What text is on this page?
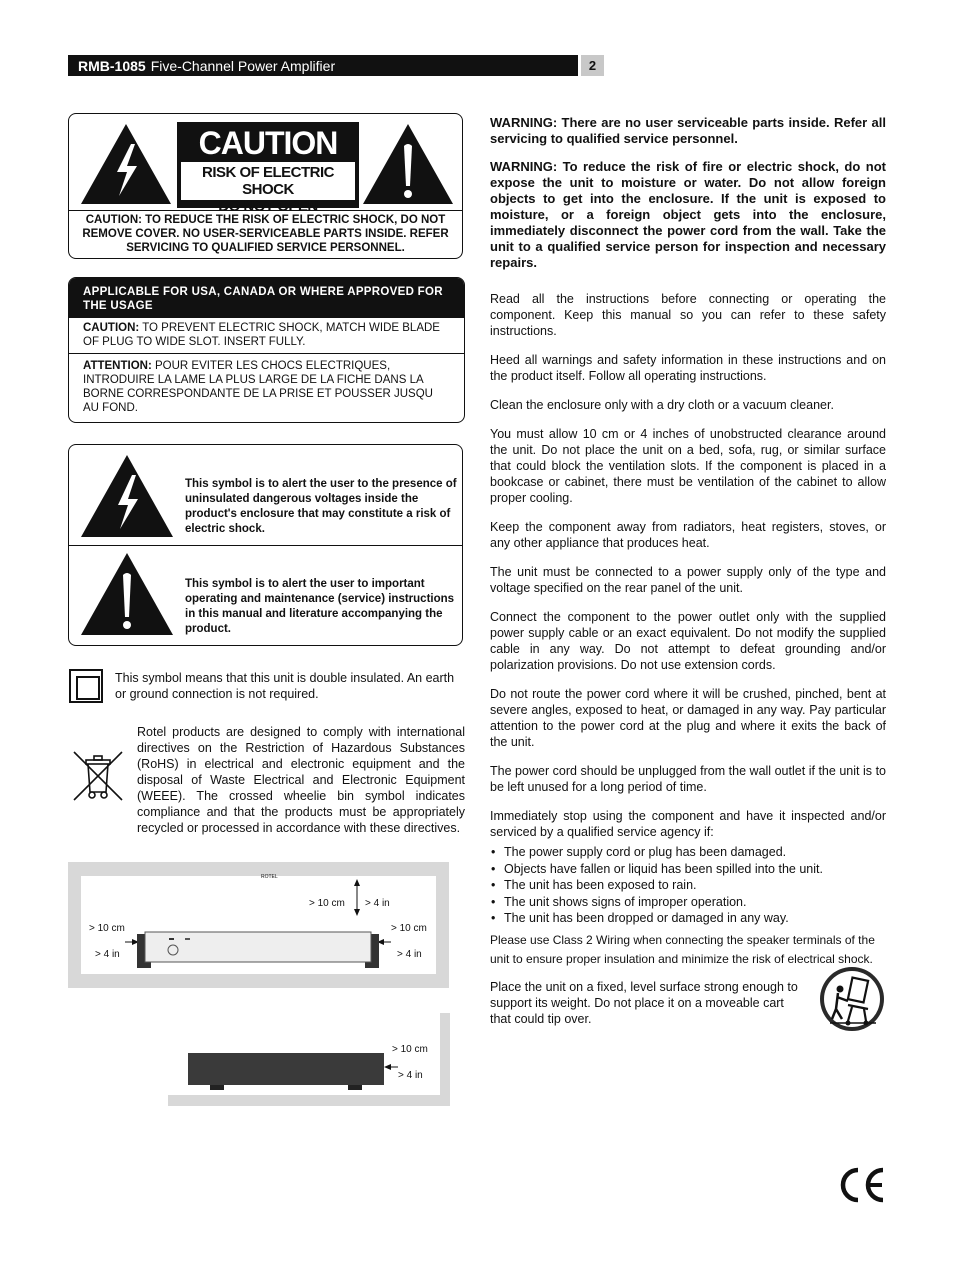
RMB-1085 Five-Channel Power Amplifier	2
CAUTION
RISK OF ELECTRIC SHOCK
DO NOT OPEN
CAUTION: TO REDUCE THE RISK OF ELECTRIC SHOCK, DO NOT REMOVE COVER. NO USER-SERVICEABLE PARTS INSIDE. REFER SERVICING TO QUALIFIED SERVICE PERSONNEL.
APPLICABLE FOR USA, CANADA OR WHERE APPROVED FOR THE USAGE
CAUTION: TO PREVENT ELECTRIC SHOCK, MATCH WIDE BLADE OF PLUG TO WIDE SLOT. INSERT FULLY.
ATTENTION: POUR EVITER LES CHOCS ELECTRIQUES, INTRODUIRE LA LAME LA PLUS LARGE DE LA FICHE DANS LA BORNE CORRESPONDANTE DE LA PRISE ET POUSSER JUSQU AU FOND.
This symbol is to alert the user to the presence of uninsulated dangerous voltages inside the product's enclosure that may constitute a risk of electric shock.
This symbol is to alert the user to important operating and maintenance (service) instructions in this manual and literature accompanying the product.
This symbol means that this unit is double insulated. An earth or ground connection is not required.
Rotel products are designed to comply with international directives on the Restriction of Hazardous Substances (RoHS) in electrical and electronic equipment and the disposal of Waste Electrical and Electronic Equipment (WEEE). The crossed wheelie bin symbol indicates compliance and that the products must be appropriately recycled or processed in accordance with these directives.
ROTEL
> 10 cm > 4 in
> 10 cm
> 4 in
> 10 cm
> 4 in
> 10 cm
> 4 in

WARNING: There are no user serviceable parts inside. Refer all servicing to qualified service personnel.

WARNING: To reduce the risk of fire or electric shock, do not expose the unit to moisture or water. Do not allow foreign objects to get into the enclosure. If the unit is exposed to moisture, or a foreign object gets into the enclosure, immediately disconnect the power cord from the wall. Take the unit to a qualified service person for inspection and necessary repairs.

Read all the instructions before connecting or operating the component. Keep this manual so you can refer to these safety instructions.

Heed all warnings and safety information in these instructions and on the product itself. Follow all operating instructions.

Clean the enclosure only with a dry cloth or a vacuum cleaner.

You must allow 10 cm or 4 inches of unobstructed clearance around the unit. Do not place the unit on a bed, sofa, rug, or similar surface that could block the ventilation slots. If the component is placed in a bookcase or cabinet, there must be ventilation of the cabinet to allow proper cooling.

Keep the component away from radiators, heat registers, stoves, or any other appliance that produces heat.

The unit must be connected to a power supply only of the type and voltage specified on the rear panel of the unit.

Connect the component to the power outlet only with the supplied power supply cable or an exact equivalent. Do not modify the supplied cable in any way. Do not attempt to defeat grounding and/or polarization provisions. Do not use extension cords.

Do not route the power cord where it will be crushed, pinched, bent at severe angles, exposed to heat, or damaged in any way. Pay particular attention to the power cord at the plug and where it exits the back of the unit.

The power cord should be unplugged from the wall outlet if the unit is to be left unused for a long period of time.

Immediately stop using the component and have it inspected and/or serviced by a qualified service agency if:

• The power supply cord or plug has been damaged.
• Objects have fallen or liquid has been spilled into the unit.
• The unit has been exposed to rain.
• The unit shows signs of improper operation.
• The unit has been dropped or damaged in any way.

Please use Class 2 Wiring when connecting the speaker terminals of the unit to ensure proper insulation and minimize the risk of electrical shock.

Place the unit on a fixed, level surface strong enough to support its weight. Do not place it on a moveable cart that could tip over.
